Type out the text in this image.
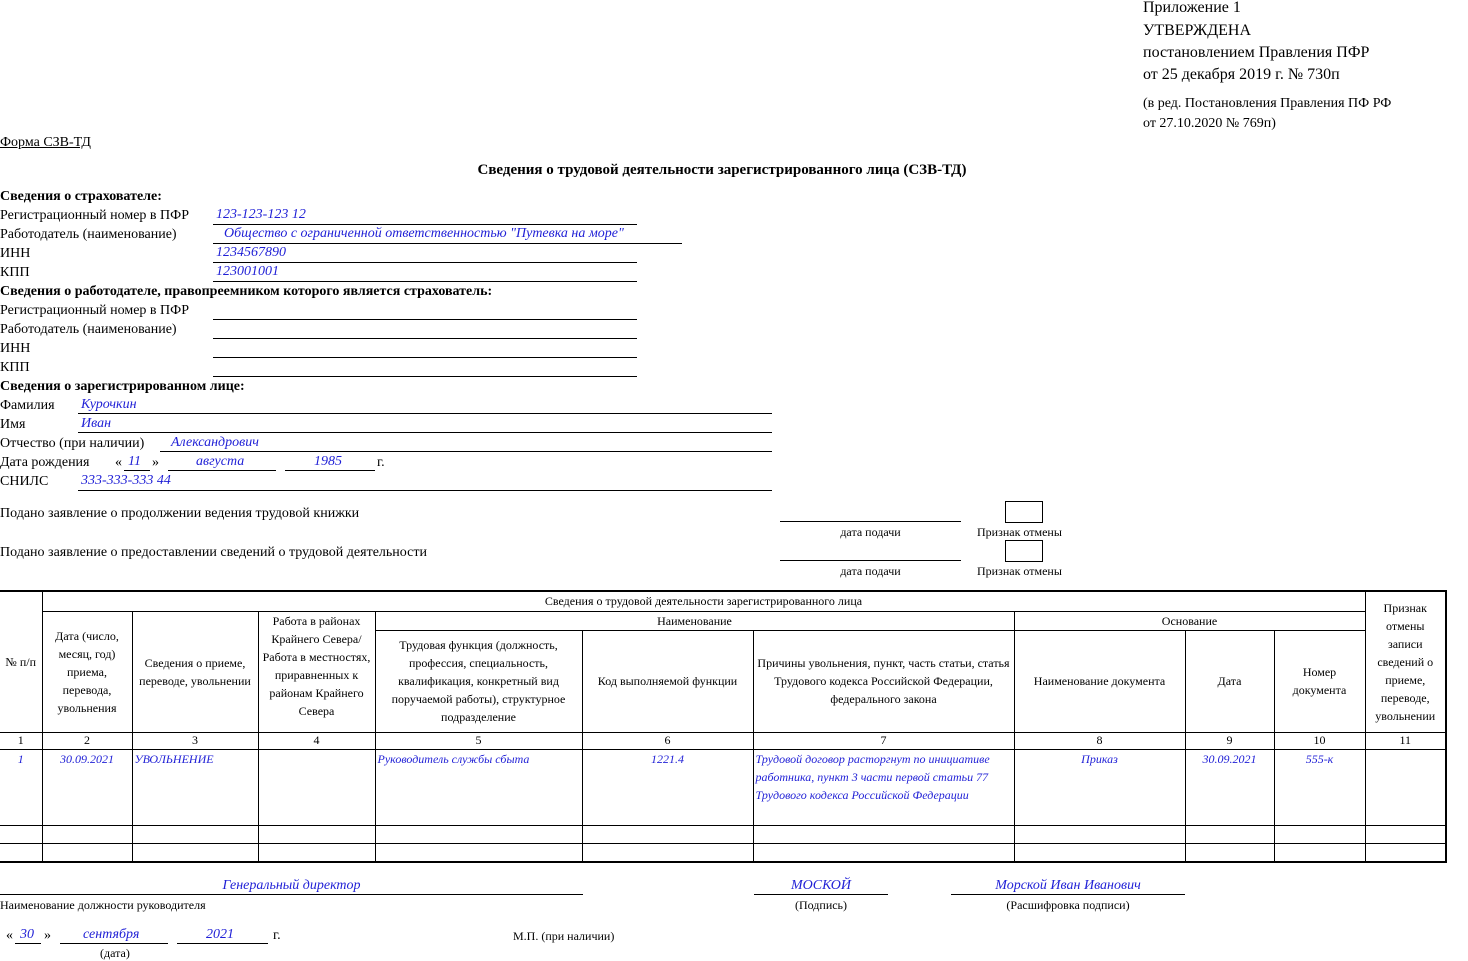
Приложение 1
УТВЕРЖДЕНА
постановлением Правления ПФР
от 25 декабря 2019 г. № 730п
(в ред. Постановления Правления ПФ РФ
от 27.10.2020 № 769п)
Форма СЗВ-ТД
Сведения о трудовой деятельности зарегистрированного лица (СЗВ-ТД)
Сведения о страхователе:
Регистрационный номер в ПФР 123-123-123 12
Работодатель (наименование)	Общество с ограниченной ответственностью "Путевка на море"
ИНН	1234567890
КПП	123001001
Сведения о работодателе, правопреемником которого является страхователь:
Регистрационный номер в ПФР
Работодатель (наименование)
ИНН
КПП
Сведения о зарегистрированном лице:
Фамилия Курочкин
Имя	Иван
Отчество (при наличии) Александрович
Дата рождения « 11 »	августа	1985	г.
СНИЛС 333-333-333 44
Подано заявление о продолжении ведения трудовой книжки
дата подачи	Признак отмены
Подано заявление о предоставлении сведений о трудовой деятельности
дата подачи	Признак отмены
№ п/п	Сведения о трудовой деятельности зарегистрированного лица									Признак отмены записи сведений о приеме, переводе, увольнении
	Дата (число, месяц, год) приема, перевода, увольнения	Сведения о приеме, переводе, увольнении	Работа в районах Крайнего Севера/Работа в местностях, приравненных к районам Крайнего Севера	Наименование			Основание			
				Трудовая функция (должность, профессия, специальность, квалификация, конкретный вид поручаемой работы), структурное подразделение	Код выполняемой функции	Причины увольнения, пункт, часть статьи, статья Трудового кодекса Российской Федерации, федерального закона	Наименование документа	Дата	Номер документа	
1	2	3	4	5	6	7	8	9	10	11
1	30.09.2021	УВОЛЬНЕНИЕ		Руководитель службы сбыта	1221.4	Трудовой договор расторгнут по инициативе работника, пункт 3 части первой статьи 77 Трудового кодекса Российской Федерации	Приказ	30.09.2021	555-к	

Генеральный директор
Наименование должности руководителя
МОСКОЙ
(Подпись)
Морской Иван Иванович
(Расшифровка подписи)
« 30 » сентября	2021	г.
(дата)
М.П. (при наличии)
